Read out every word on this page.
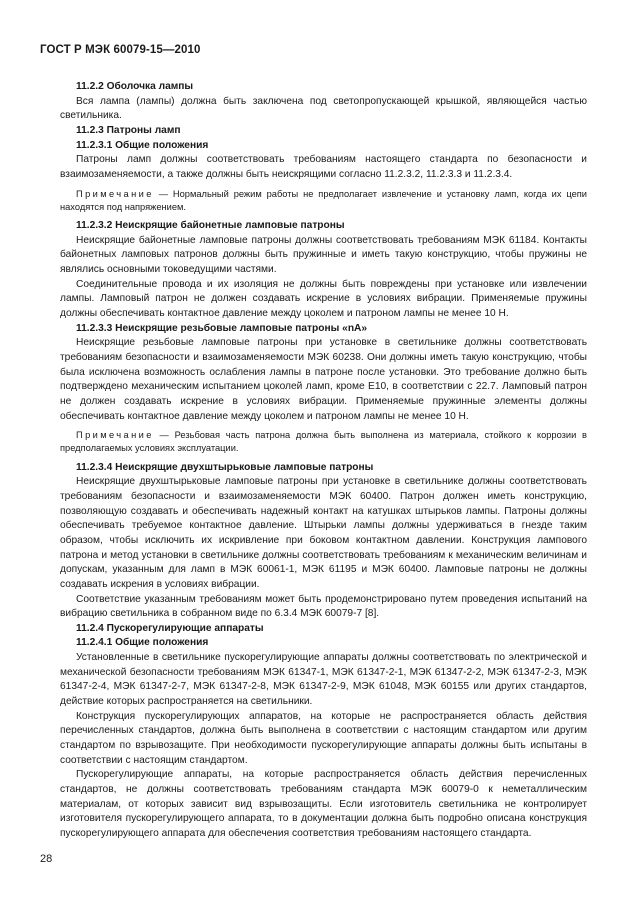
ГОСТ Р МЭК 60079-15—2010

11.2.2 Оболочка лампы

Вся лампа (лампы) должна быть заключена под светопропускающей крышкой, являющейся частью светильника.

11.2.3 Патроны ламп

11.2.3.1 Общие положения

Патроны ламп должны соответствовать требованиям настоящего стандарта по безопасности и взаимозаменяемости, а также должны быть неискрящими согласно 11.2.3.2, 11.2.3.3 и 11.2.3.4.

Примечание — Нормальный режим работы не предполагает извлечение и установку ламп, когда их цепи находятся под напряжением.

11.2.3.2 Неискрящие байонетные ламповые патроны

Неискрящие байонетные ламповые патроны должны соответствовать требованиям МЭК 61184. Контакты байонетных ламповых патронов должны быть пружинные и иметь такую конструкцию, чтобы пружины не являлись основными токоведущими частями.

Соединительные провода и их изоляция не должны быть повреждены при установке или извлечении лампы. Ламповый патрон не должен создавать искрение в условиях вибрации. Применяемые пружины должны обеспечивать контактное давление между цоколем и патроном лампы не менее 10 Н.

11.2.3.3 Неискрящие резьбовые ламповые патроны «nA»

Неискрящие резьбовые ламповые патроны при установке в светильнике должны соответствовать требованиям безопасности и взаимозаменяемости МЭК 60238. Они должны иметь такую конструкцию, чтобы была исключена возможность ослабления лампы в патроне после установки. Это требование должно быть подтверждено механическим испытанием цоколей ламп, кроме Е10, в соответствии с 22.7. Ламповый патрон не должен создавать искрение в условиях вибрации. Применяемые пружинные элементы должны обеспечивать контактное давление между цоколем и патроном лампы не менее 10 Н.

Примечание — Резьбовая часть патрона должна быть выполнена из материала, стойкого к коррозии в предполагаемых условиях эксплуатации.

11.2.3.4 Неискрящие двухштырьковые ламповые патроны

Неискрящие двухштырьковые ламповые патроны при установке в светильнике должны соответствовать требованиям безопасности и взаимозаменяемости МЭК 60400. Патрон должен иметь конструкцию, позволяющую создавать и обеспечивать надежный контакт на катушках штырьков лампы. Патроны должны обеспечивать требуемое контактное давление. Штырьки лампы должны удерживаться в гнезде таким образом, чтобы исключить их искривление при боковом контактном давлении. Конструкция лампового патрона и метод установки в светильнике должны соответствовать требованиям к механическим величинам и допускам, указанным для ламп в МЭК 60061-1, МЭК 61195 и МЭК 60400. Ламповые патроны не должны создавать искрения в условиях вибрации.

Соответствие указанным требованиям может быть продемонстрировано путем проведения испытаний на вибрацию светильника в собранном виде по 6.3.4 МЭК 60079-7 [8].

11.2.4 Пускорегулирующие аппараты

11.2.4.1 Общие положения

Установленные в светильнике пускорегулирующие аппараты должны соответствовать по электрической и механической безопасности требованиям МЭК 61347-1, МЭК 61347-2-1, МЭК 61347-2-2, МЭК 61347-2-3, МЭК 61347-2-4, МЭК 61347-2-7, МЭК 61347-2-8, МЭК 61347-2-9, МЭК 61048, МЭК 60155 или других стандартов, действие которых распространяется на светильники.

Конструкция пускорегулирующих аппаратов, на которые не распространяется область действия перечисленных стандартов, должна быть выполнена в соответствии с настоящим стандартом или другим стандартом по взрывозащите. При необходимости пускорегулирующие аппараты должны быть испытаны в соответствии с настоящим стандартом.

Пускорегулирующие аппараты, на которые распространяется область действия перечисленных стандартов, не должны соответствовать требованиям стандарта МЭК 60079-0 к неметаллическим материалам, от которых зависит вид взрывозащиты. Если изготовитель светильника не контролирует изготовителя пускорегулирующего аппарата, то в документации должна быть подробно описана конструкция пускорегулирующего аппарата для обеспечения соответствия требованиям настоящего стандарта.

28
